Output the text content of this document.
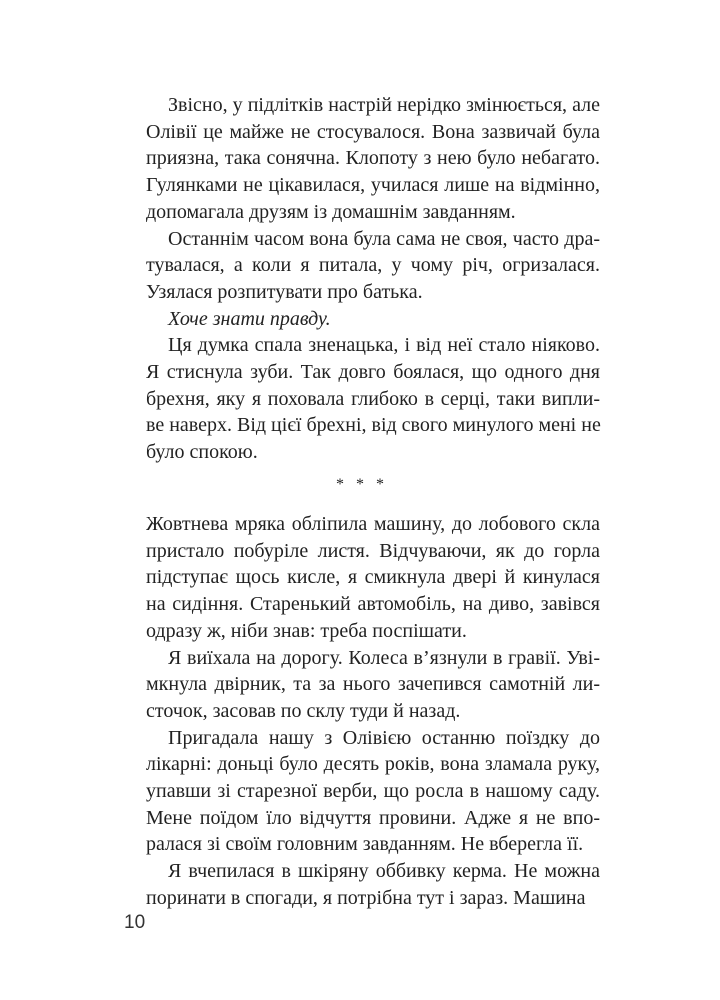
Звісно, у підлітків настрій нерідко змінюється, але
Олівії це майже не стосувалося. Вона зазвичай була
приязна, така сонячна. Клопоту з нею було небагато.
Гулянками не цікавилася, училася лише на відмінно,
допомагала друзям із домашнім завданням.

Останнім часом вона була сама не своя, часто дра-
тувалася, а коли я питала, у чому річ, огризалася.
Узялася розпитувати про батька.

Хоче знати правду.

Ця думка спала зненацька, і від неї стало ніяково.
Я стиснула зуби. Так довго боялася, що одного дня
брехня, яку я поховала глибоко в серці, таки випли-
ве наверх. Від цієї брехні, від свого минулого мені не
було спокою.

* * *

Жовтнева мряка обліпила машину, до лобового скла
пристало побуріле листя. Відчуваючи, як до горла
підступає щось кисле, я смикнула двері й кинулася
на сидіння. Старенький автомобіль, на диво, завівся
одразу ж, ніби знав: треба поспішати.

Я виїхала на дорогу. Колеса в’язнули в гравії. Уві-
мкнула двірник, та за нього зачепився самотній ли-
сточок, засовав по склу туди й назад.

Пригадала нашу з Олівією останню поїздку до
лікарні: доньці було десять років, вона зламала руку,
упавши зі старезної верби, що росла в нашому саду.
Мене поїдом їло відчуття провини. Адже я не впо-
ралася зі своїм головним завданням. Не вберегла її.

Я вчепилася в шкіряну оббивку керма. Не можна
поринати в спогади, я потрібна тут і зараз. Машина

10
